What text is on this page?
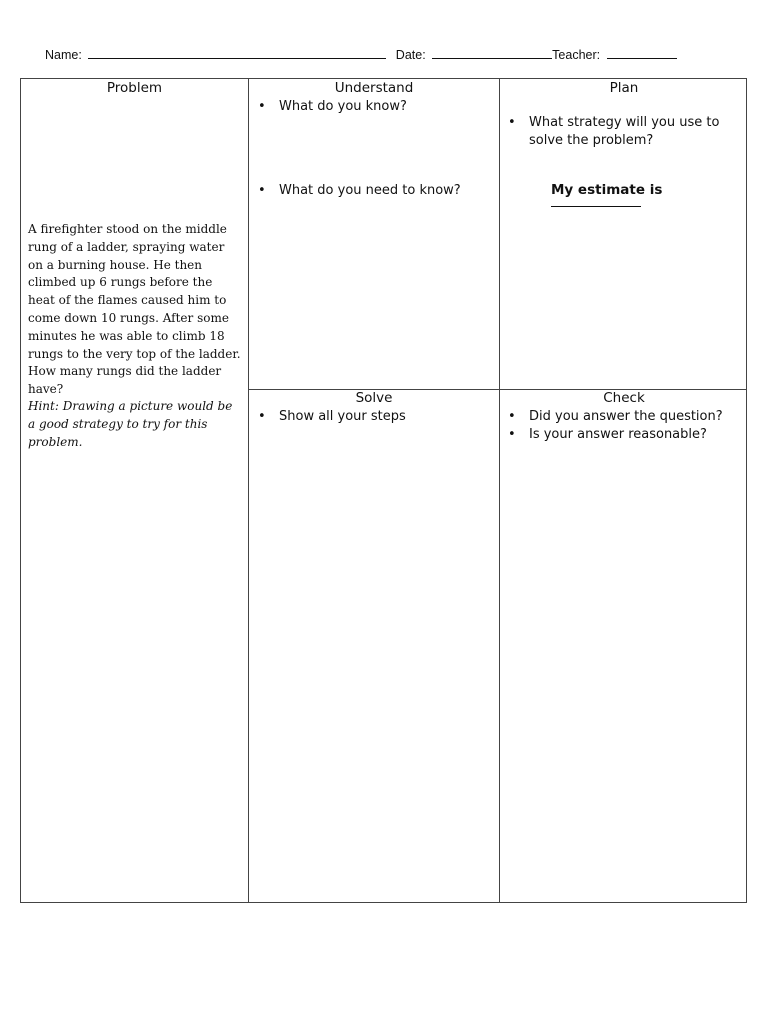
Name:	Date:	Teacher:
Problem
A firefighter stood on the middle rung of a ladder, spraying water on a burning house. He then climbed up 6 rungs before the heat of the flames caused him to come down 10 rungs. After some minutes he was able to climb 18 rungs to the very top of the ladder. How many rungs did the ladder have?
Hint: Drawing a picture would be a good strategy to try for this problem.
Understand
• What do you know?
• What do you need to know?
Plan
• What strategy will you use to solve the problem?
My estimate is
Solve
• Show all your steps
Check
• Did you answer the question?
• Is your answer reasonable?
